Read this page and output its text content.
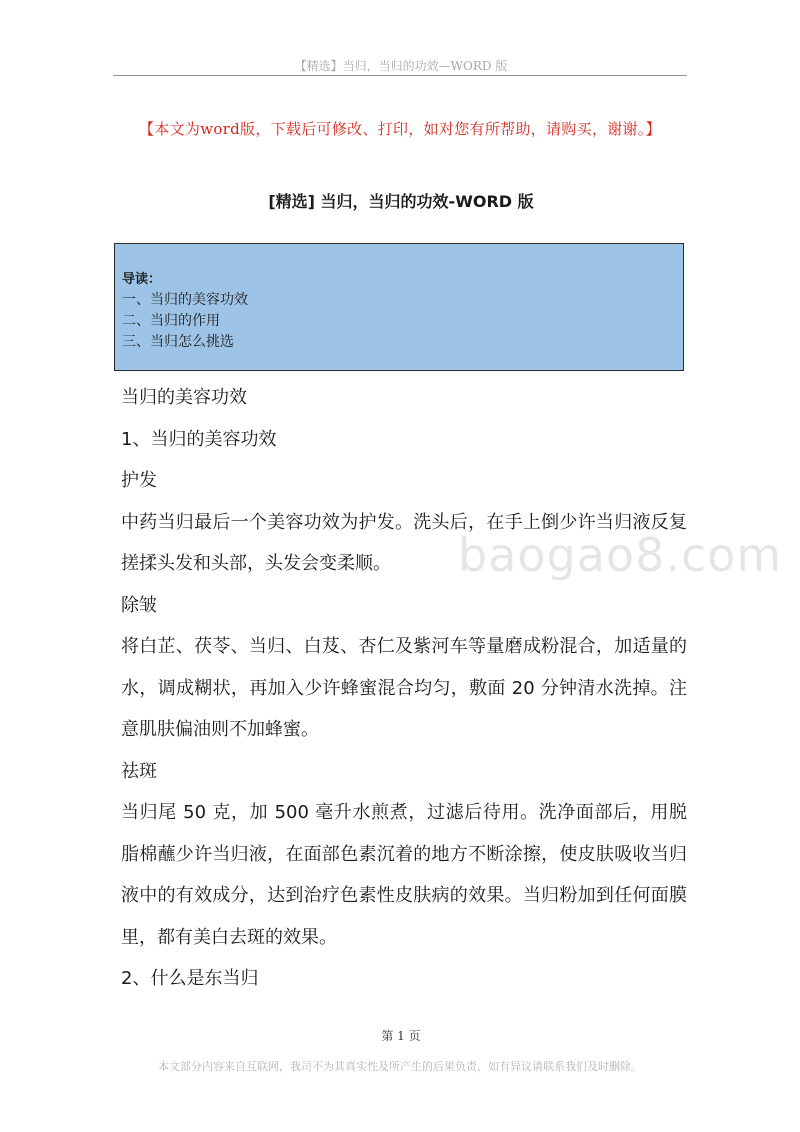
【精选】当归，当归的功效—WORD 版
【本文为word版，下载后可修改、打印，如对您有所帮助，请购买，谢谢。】
[精选] 当归，当归的功效-WORD 版
导读：
一、当归的美容功效
二、当归的作用
三、当归怎么挑选

当归的美容功效

1、当归的美容功效

护发

中药当归最后一个美容功效为护发。洗头后，在手上倒少许当归液反复搓揉头发和头部，头发会变柔顺。

除皱

将白芷、茯苓、当归、白芨、杏仁及紫河车等量磨成粉混合，加适量的水，调成糊状，再加入少许蜂蜜混合均匀，敷面 20 分钟清水洗掉。注意肌肤偏油则不加蜂蜜。

祛斑

当归尾 50 克，加 500 毫升水煎煮，过滤后待用。洗净面部后，用脱脂棉蘸少许当归液，在面部色素沉着的地方不断涂擦，使皮肤吸收当归液中的有效成分，达到治疗色素性皮肤病的效果。当归粉加到任何面膜里，都有美白去斑的效果。

2、什么是东当归

baogao8.com
第 1 页
本文部分内容来自互联网，我司不为其真实性及所产生的后果负责，如有异议请联系我们及时删除。
